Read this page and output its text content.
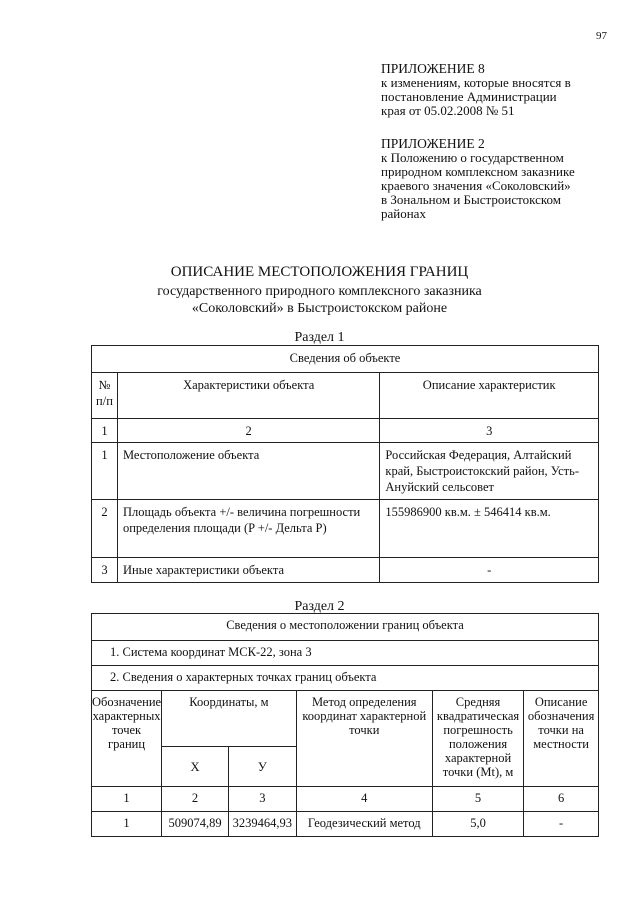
97
ПРИЛОЖЕНИЕ 8
к изменениям, которые вносятся в
постановление Администрации
края от 05.02.2008 № 51
ПРИЛОЖЕНИЕ 2
к Положению о государственном
природном комплексном заказнике
краевого значения «Соколовский»
в Зональном и Быстроистокском
районах
ОПИСАНИЕ МЕСТОПОЛОЖЕНИЯ ГРАНИЦ
государственного природного комплексного заказника
«Соколовский» в Быстроистокском районе
Раздел 1
Сведения об объекте		
№ п/п	Характеристики объекта	Описание характеристик
1	2	3
1	Местоположение объекта	Российская Федерация, Алтайский край, Быстроистокский район, Усть-Ануйский сельсовет
2	Площадь объекта +/- величина погрешности определения площади (P +/- Дельта P)	155986900 кв.м. ± 546414 кв.м.
3	Иные характеристики объекта	-
Раздел 2
Сведения о местоположении границ объекта					
1. Система координат МСК-22, зона 3					
2. Сведения о характерных точках границ объекта					
Обозначение характерных точек границ	Координаты, м		Метод определения координат характерной точки	Средняя квадратическая погрешность положения характерной точки (Mt), м	Описание обозначения точки на местности
	X	У			
1	2	3	4	5	6
1	509074,89	3239464,93	Геодезический метод	5,0	-
